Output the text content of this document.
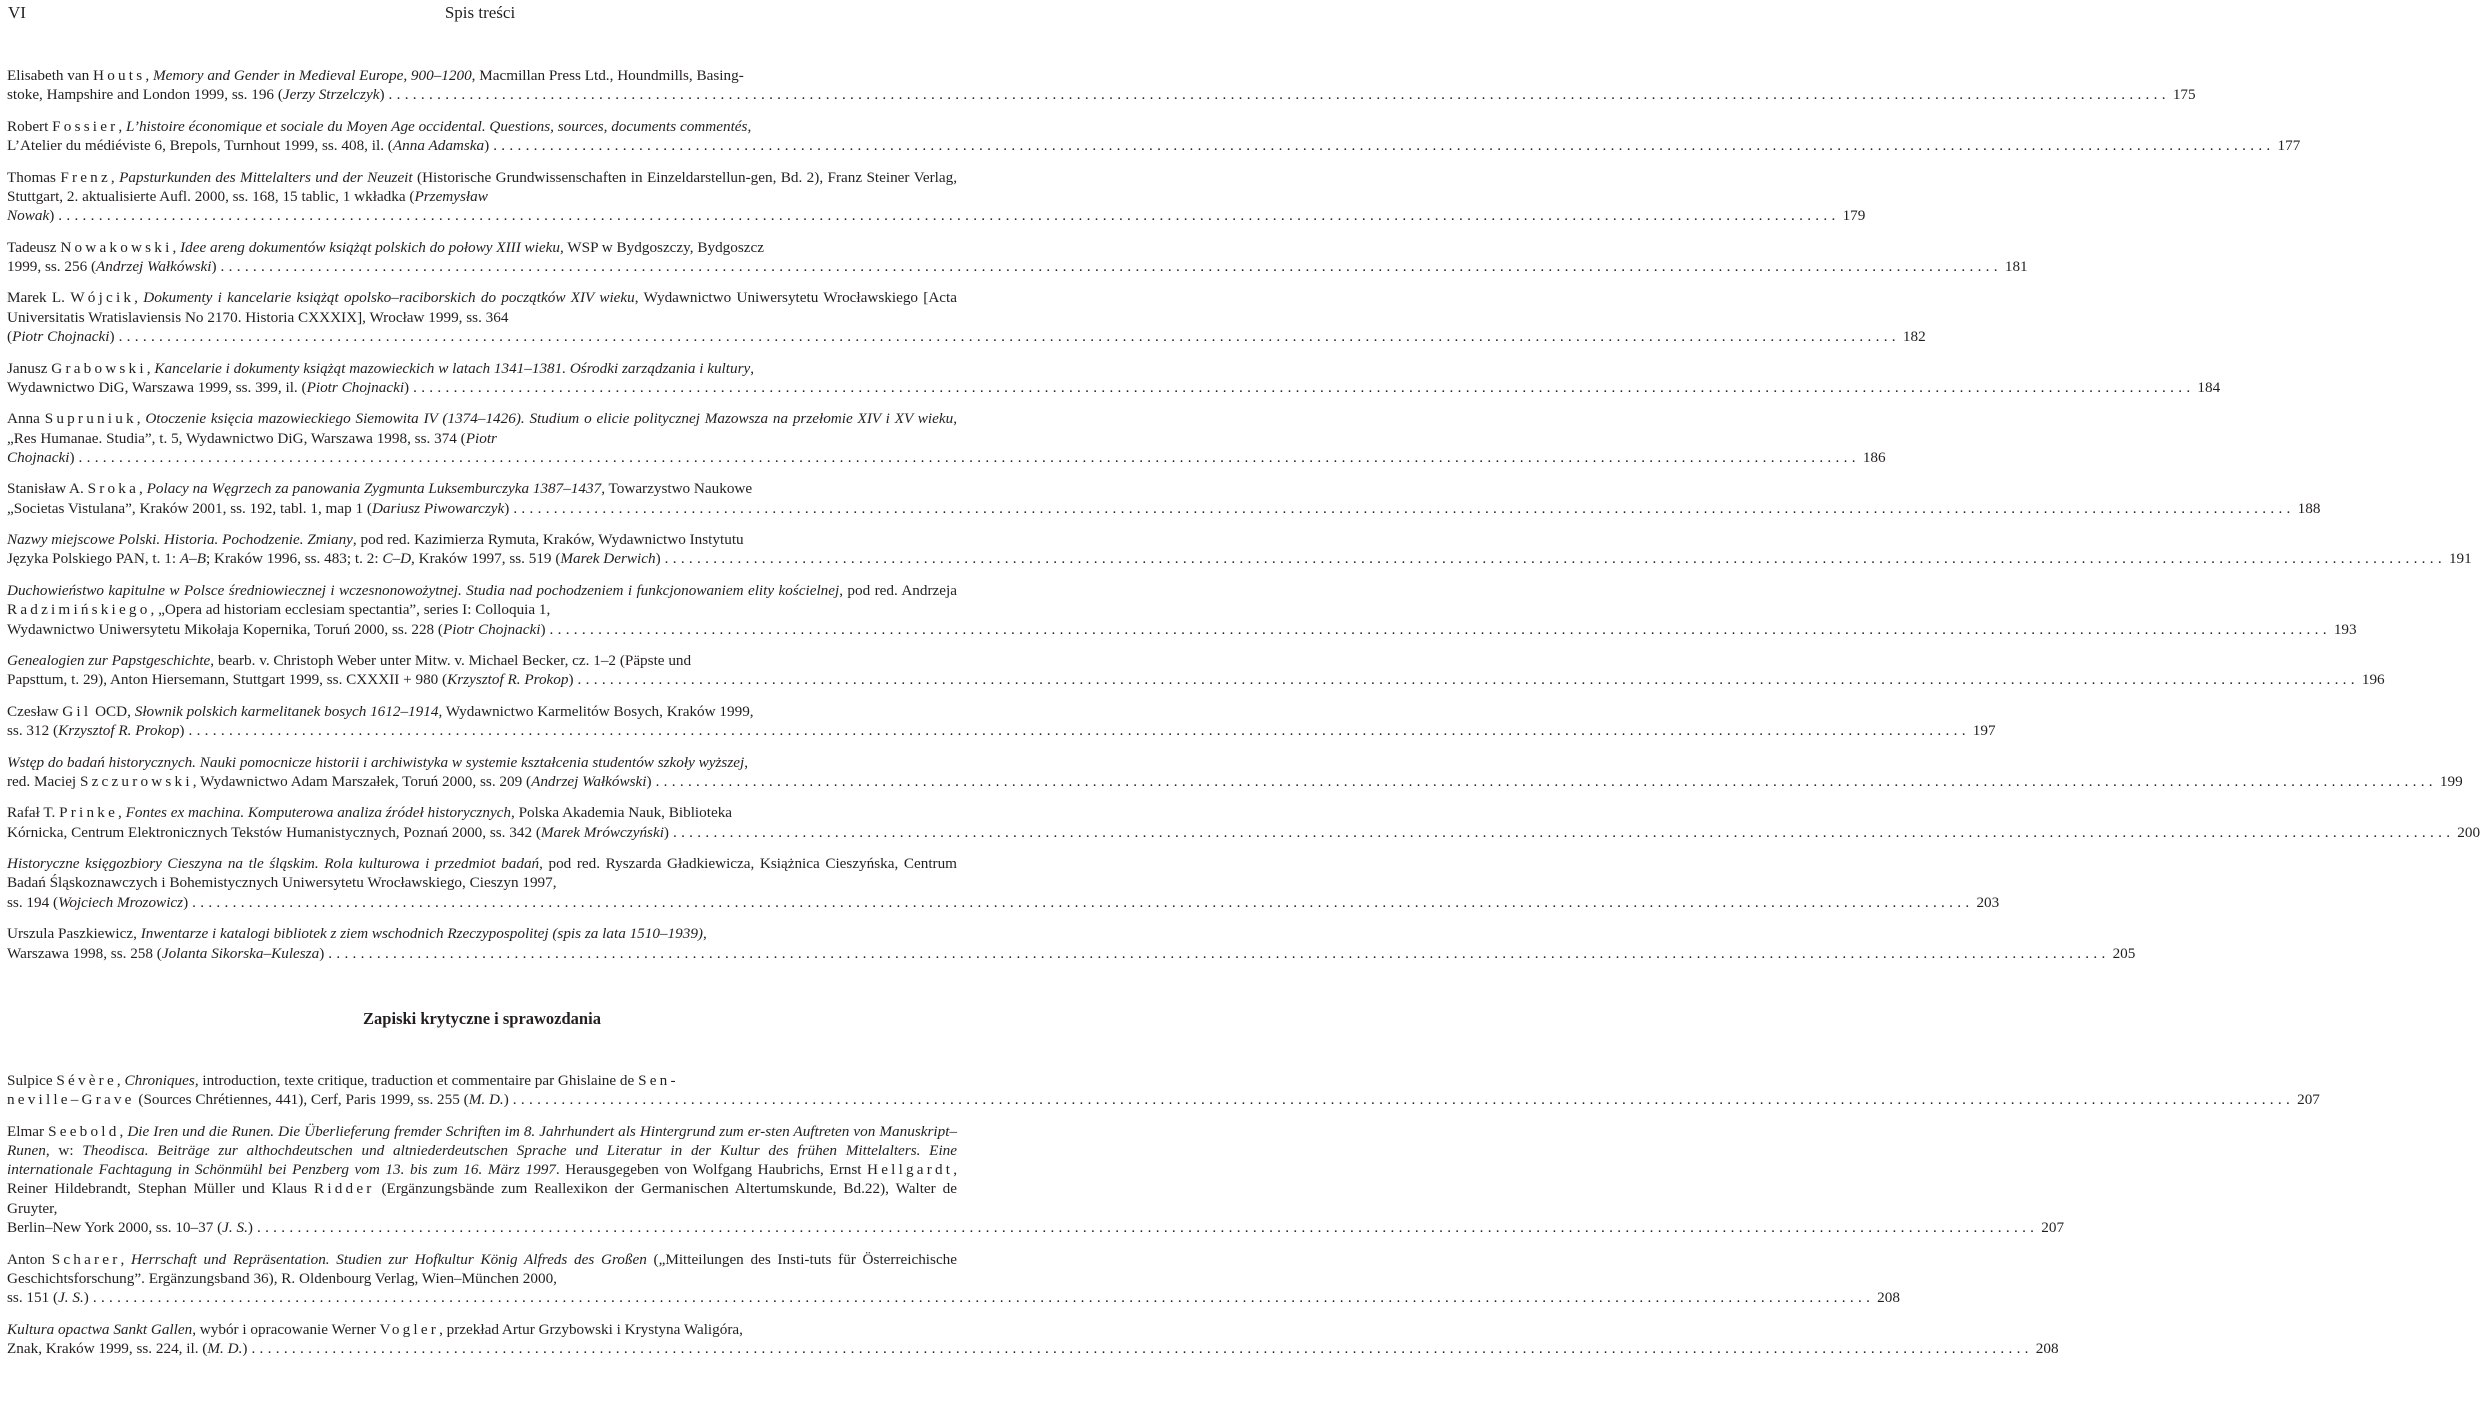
VI	Spis treści
Elisabeth van Houts, Memory and Gender in Medieval Europe, 900–1200, Macmillan Press Ltd., Houndmills, Basing-
stoke, Hampshire and London 1999, ss. 196 (Jerzy Strzelczyk) ............................................................................................................................................................................................................................ 175
Robert Fossier, L’histoire économique et sociale du Moyen Age occidental. Questions, sources, documents commentés,
L’Atelier du médiéviste 6, Brepols, Turnhout 1999, ss. 408, il. (Anna Adamska) ............................................................................................................................................................................................................................ 177
Thomas Frenz, Papsturkunden des Mittelalters und der Neuzeit (Historische Grundwissenschaften in Einzeldarstellun-gen, Bd. 2), Franz Steiner Verlag, Stuttgart, 2. aktualisierte Aufl. 2000, ss. 168, 15 tablic, 1 wkładka (Przemysław
Nowak) ............................................................................................................................................................................................................................ 179
Tadeusz Nowakowski, Idee areng dokumentów książąt polskich do połowy XIII wieku, WSP w Bydgoszczy, Bydgoszcz
1999, ss. 256 (Andrzej Wałkówski) ............................................................................................................................................................................................................................ 181
Marek L. Wójcik, Dokumenty i kancelarie książąt opolsko–raciborskich do początków XIV wieku, Wydawnictwo Uniwersytetu Wrocławskiego [Acta Universitatis Wratislaviensis No 2170. Historia CXXXIX], Wrocław 1999, ss. 364
(Piotr Chojnacki) ............................................................................................................................................................................................................................ 182
Janusz Grabowski, Kancelarie i dokumenty książąt mazowieckich w latach 1341–1381. Ośrodki zarządzania i kultury,
Wydawnictwo DiG, Warszawa 1999, ss. 399, il. (Piotr Chojnacki) ............................................................................................................................................................................................................................ 184
Anna Supruniuk, Otoczenie księcia mazowieckiego Siemowita IV (1374–1426). Studium o elicie politycznej Mazowsza na przełomie XIV i XV wieku, „Res Humanae. Studia”, t. 5, Wydawnictwo DiG, Warszawa 1998, ss. 374 (Piotr
Chojnacki) ............................................................................................................................................................................................................................ 186
Stanisław A. Sroka, Polacy na Węgrzech za panowania Zygmunta Luksemburczyka 1387–1437, Towarzystwo Naukowe
„Societas Vistulana”, Kraków 2001, ss. 192, tabl. 1, map 1 (Dariusz Piwowarczyk) ............................................................................................................................................................................................................................ 188
Nazwy miejscowe Polski. Historia. Pochodzenie. Zmiany, pod red. Kazimierza Rymuta, Kraków, Wydawnictwo Instytutu
Języka Polskiego PAN, t. 1: A–B; Kraków 1996, ss. 483; t. 2: C–D, Kraków 1997, ss. 519 (Marek Derwich) ............................................................................................................................................................................................................................ 191
Duchowieństwo kapitulne w Polsce średniowiecznej i wczesnonowożytnej. Studia nad pochodzeniem i funkcjonowaniem elity kościelnej, pod red. Andrzeja Radzimińskiego, „Opera ad historiam ecclesiam spectantia”, series I: Colloquia 1,
Wydawnictwo Uniwersytetu Mikołaja Kopernika, Toruń 2000, ss. 228 (Piotr Chojnacki) ............................................................................................................................................................................................................................ 193
Genealogien zur Papstgeschichte, bearb. v. Christoph Weber unter Mitw. v. Michael Becker, cz. 1–2 (Päpste und
Papsttum, t. 29), Anton Hiersemann, Stuttgart 1999, ss. CXXXII + 980 (Krzysztof R. Prokop) ............................................................................................................................................................................................................................ 196
Czesław Gil OCD, Słownik polskich karmelitanek bosych 1612–1914, Wydawnictwo Karmelitów Bosych, Kraków 1999,
ss. 312 (Krzysztof R. Prokop) ............................................................................................................................................................................................................................ 197
Wstęp do badań historycznych. Nauki pomocnicze historii i archiwistyka w systemie kształcenia studentów szkoły wyższej,
red. Maciej Szczurowski, Wydawnictwo Adam Marszałek, Toruń 2000, ss. 209 (Andrzej Wałkówski) ............................................................................................................................................................................................................................ 199
Rafał T. Prinke, Fontes ex machina. Komputerowa analiza źródeł historycznych, Polska Akademia Nauk, Biblioteka
Kórnicka, Centrum Elektronicznych Tekstów Humanistycznych, Poznań 2000, ss. 342 (Marek Mrówczyński) ............................................................................................................................................................................................................................ 200
Historyczne księgozbiory Cieszyna na tle śląskim. Rola kulturowa i przedmiot badań, pod red. Ryszarda Gładkiewicza, Książnica Cieszyńska, Centrum Badań Śląskoznawczych i Bohemistycznych Uniwersytetu Wrocławskiego, Cieszyn 1997,
ss. 194 (Wojciech Mrozowicz) ............................................................................................................................................................................................................................ 203
Urszula Paszkiewicz, Inwentarze i katalogi bibliotek z ziem wschodnich Rzeczypospolitej (spis za lata 1510–1939),
Warszawa 1998, ss. 258 (Jolanta Sikorska–Kulesza) ............................................................................................................................................................................................................................ 205
Zapiski krytyczne i sprawozdania
Sulpice Sévère, Chroniques, introduction, texte critique, traduction et commentaire par Ghislaine de Sen-
neville–Grave (Sources Chrétiennes, 441), Cerf, Paris 1999, ss. 255 (M. D.) ............................................................................................................................................................................................................................ 207
Elmar Seebold, Die Iren und die Runen. Die Überlieferung fremder Schriften im 8. Jahrhundert als Hintergrund zum er-sten Auftreten von Manuskript–Runen, w: Theodisca. Beiträge zur althochdeutschen und altniederdeutschen Sprache und Literatur in der Kultur des frühen Mittelalters. Eine internationale Fachtagung in Schönmühl bei Penzberg vom 13. bis zum 16. März 1997. Herausgegeben von Wolfgang Haubrichs, Ernst Hellgardt, Reiner Hildebrandt, Stephan Müller und Klaus Ridder (Ergänzungsbände zum Reallexikon der Germanischen Altertumskunde, Bd.22), Walter de Gruyter,
Berlin–New York 2000, ss. 10–37 (J. S.) ............................................................................................................................................................................................................................ 207
Anton Scharer, Herrschaft und Repräsentation. Studien zur Hofkultur König Alfreds des Großen („Mitteilungen des Insti-tuts für Österreichische Geschichtsforschung”. Ergänzungsband 36), R. Oldenbourg Verlag, Wien–München 2000,
ss. 151 (J. S.) ............................................................................................................................................................................................................................ 208
Kultura opactwa Sankt Gallen, wybór i opracowanie Werner Vogler, przekład Artur Grzybowski i Krystyna Waligóra,
Znak, Kraków 1999, ss. 224, il. (M. D.) ............................................................................................................................................................................................................................ 208
